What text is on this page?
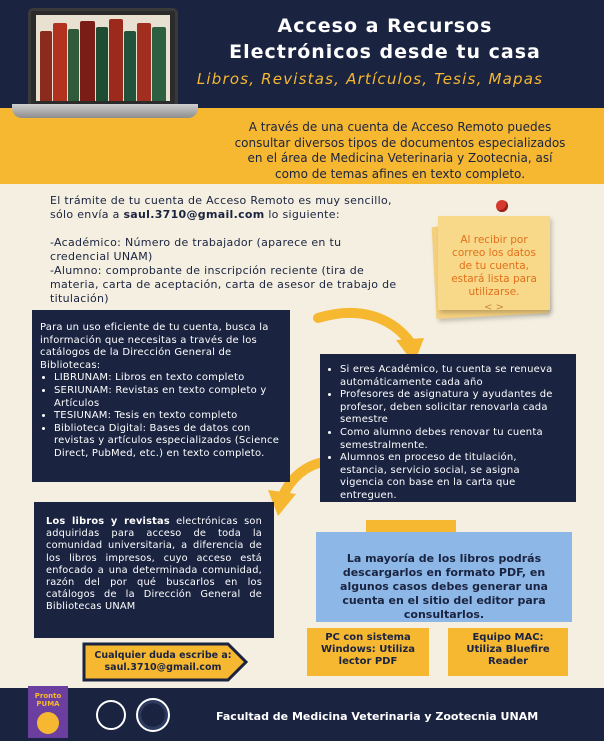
Acceso a Recursos
Electrónicos desde tu casa
Libros, Revistas, Artículos, Tesis, Mapas
A través de una cuenta de Acceso Remoto puedes
consultar diversos tipos de documentos especializados
en el área de Medicina Veterinaria y Zootecnia, así
como de temas afines en texto completo.
El trámite de tu cuenta de Acceso Remoto es muy sencillo,
sólo envía a saul.3710@gmail.com lo siguiente:
-Académico: Número de trabajador (aparece en tu
credencial UNAM)
-Alumno: comprobante de inscripción reciente (tira de
materia, carta de aceptación, carta de asesor de trabajo de
titulación)
Al recibir por correo los datos de tu cuenta, estará lista para utilizarse.
< >
Para un uso eficiente de tu cuenta, busca la información que necesitas a través de los catálogos de la Dirección General de Bibliotecas:
• LIBRUNAM: Libros en texto completo
• SERIUNAM: Revistas en texto completo y Artículos
• TESIUNAM: Tesis en texto completo
• Biblioteca Digital: Bases de datos con revistas y artículos especializados (Science Direct, PubMed, etc.) en texto completo.
• Si eres Académico, tu cuenta se renueva automáticamente cada año
• Profesores de asignatura y ayudantes de profesor, deben solicitar renovarla cada semestre
• Como alumno debes renovar tu cuenta semestralmente.
• Alumnos en proceso de titulación, estancia, servicio social, se asigna vigencia con base en la carta que entreguen.
Los libros y revistas electrónicas son adquiridas para acceso de toda la comunidad universitaria, a diferencia de los libros impresos, cuyo acceso está enfocado a una determinada comunidad, razón del por qué buscarlos en los catálogos de la Dirección General de Bibliotecas UNAM
La mayoría de los libros podrás descargarlos en formato PDF, en algunos casos debes generar una cuenta en el sitio del editor para consultarlos.
PC con sistema
Windows: Utiliza
lector PDF
Equipo MAC:
Utiliza Bluefire
Reader
Cualquier duda escribe a:
saul.3710@gmail.com
Pronto PUMA
Facultad de Medicina Veterinaria y Zootecnia UNAM
